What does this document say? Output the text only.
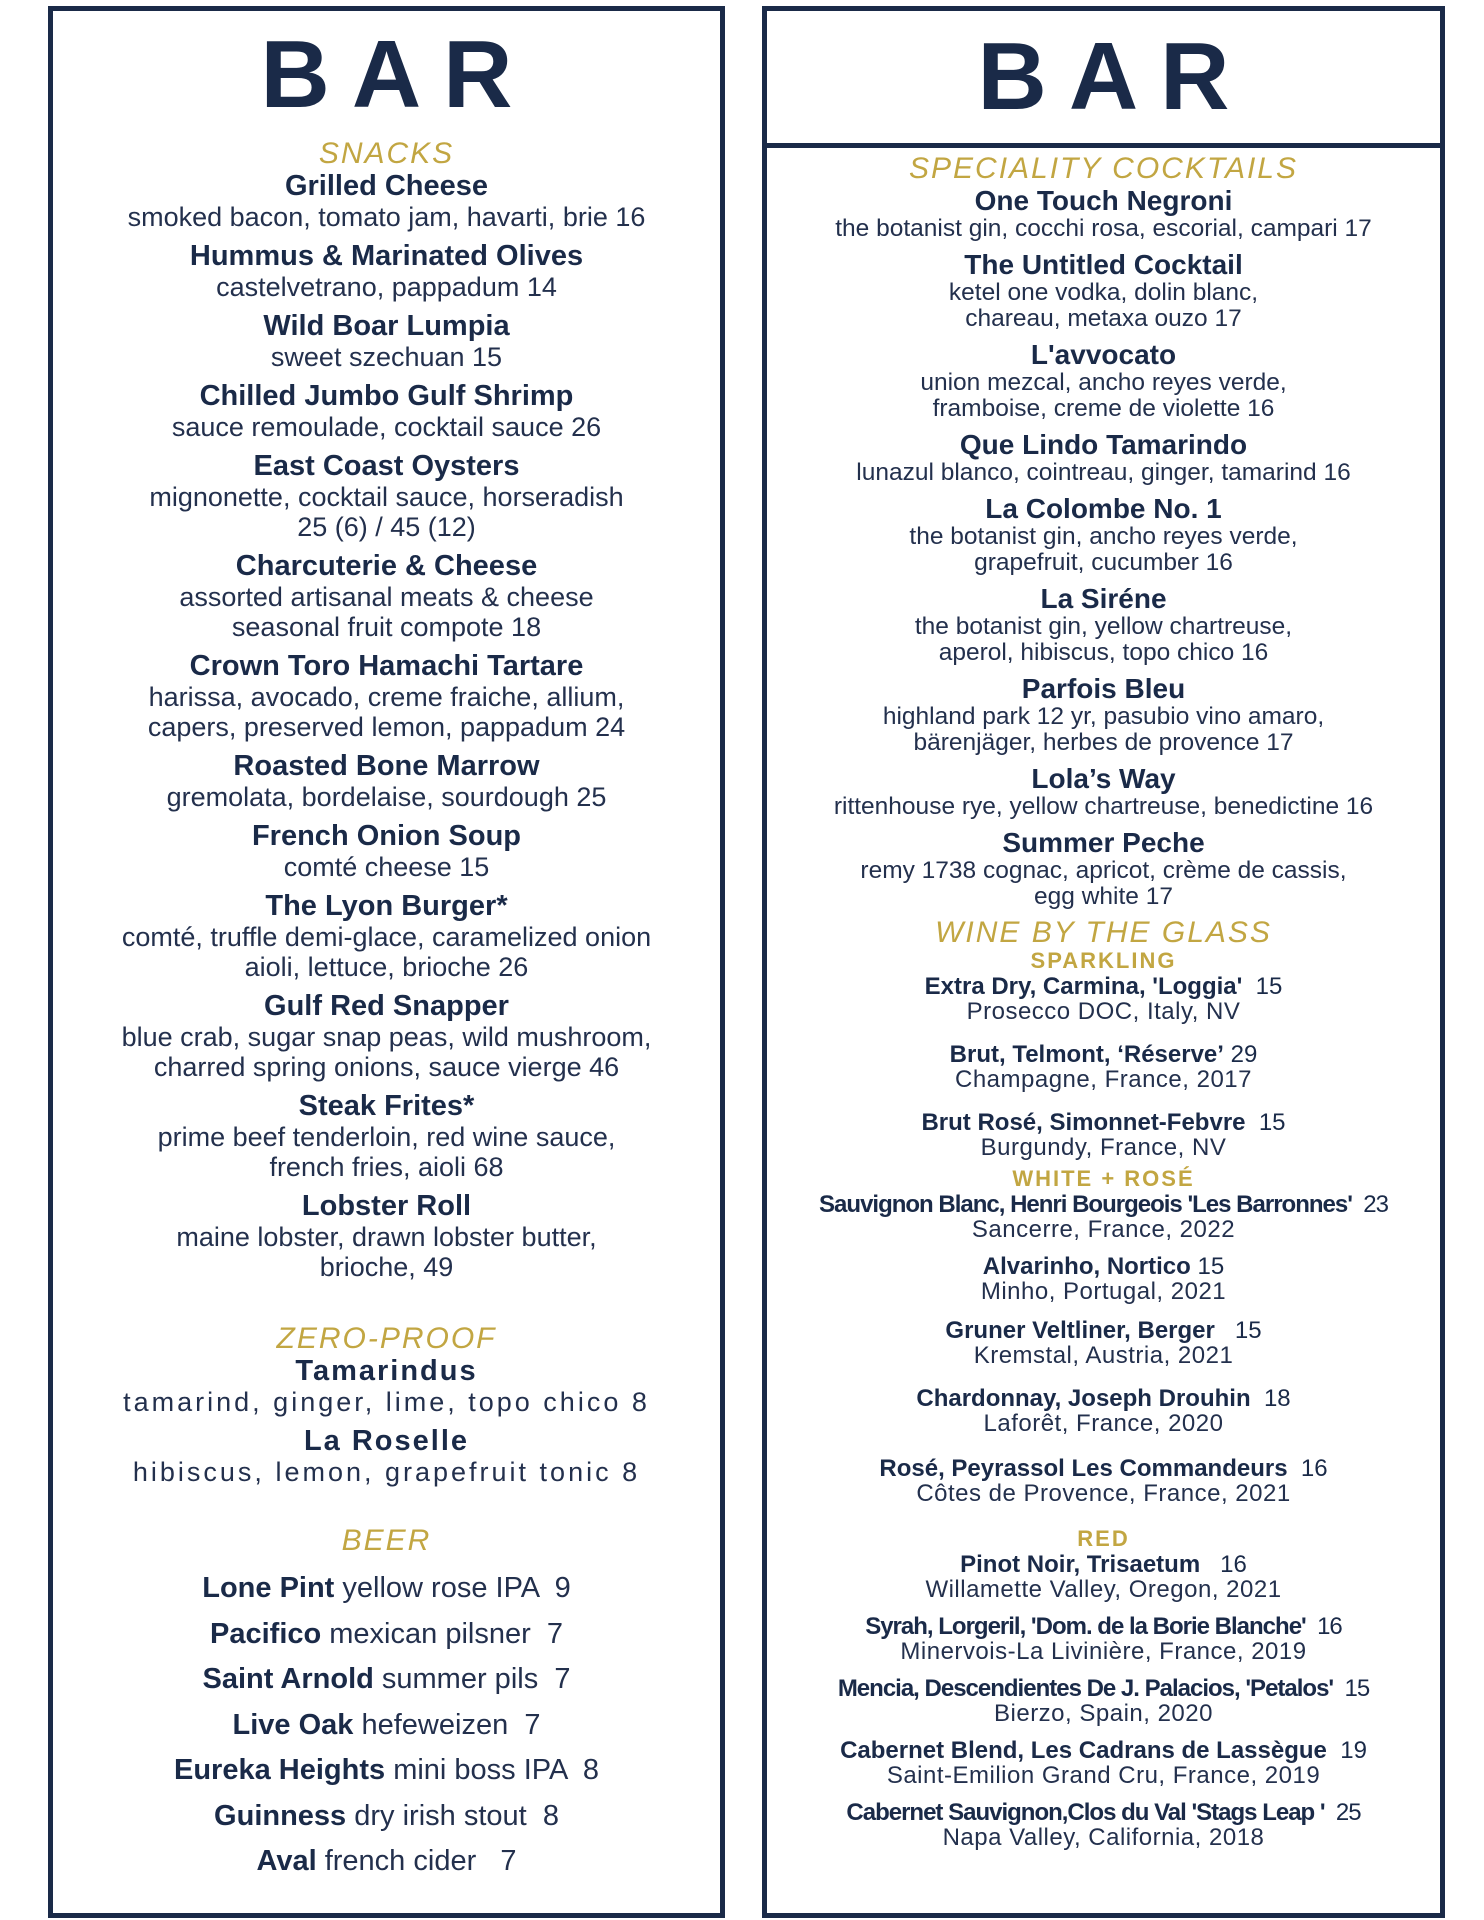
BAR
SNACKS
Grilled Cheese
smoked bacon, tomato jam, havarti, brie 16
Hummus & Marinated Olives
castelvetrano, pappadum 14
Wild Boar Lumpia
sweet szechuan 15
Chilled Jumbo Gulf Shrimp
sauce remoulade, cocktail sauce 26
East Coast Oysters
mignonette, cocktail sauce, horseradish
25 (6) / 45 (12)
Charcuterie & Cheese
assorted artisanal meats & cheese
seasonal fruit compote 18
Crown Toro Hamachi Tartare
harissa, avocado, creme fraiche, allium,
capers, preserved lemon, pappadum 24
Roasted Bone Marrow
gremolata, bordelaise, sourdough 25
French Onion Soup
comté cheese 15
The Lyon Burger*
comté, truffle demi-glace, caramelized onion
aioli, lettuce, brioche 26
Gulf Red Snapper
blue crab, sugar snap peas, wild mushroom,
charred spring onions, sauce vierge 46
Steak Frites*
prime beef tenderloin, red wine sauce,
french fries, aioli 68
Lobster Roll
maine lobster, drawn lobster butter,
brioche, 49
ZERO-PROOF
Tamarindus
tamarind, ginger, lime, topo chico 8
La Roselle
hibiscus, lemon, grapefruit tonic 8
BEER
Lone Pint yellow rose IPA  9
Pacifico mexican pilsner  7
Saint Arnold summer pils  7
Live Oak hefeweizen  7
Eureka Heights mini boss IPA  8
Guinness dry irish stout  8
Aval french cider   7
BAR
SPECIALITY COCKTAILS
One Touch Negroni
the botanist gin, cocchi rosa, escorial, campari 17
The Untitled Cocktail
ketel one vodka, dolin blanc,
chareau, metaxa ouzo 17
L'avvocato
union mezcal, ancho reyes verde,
framboise, creme de violette 16
Que Lindo Tamarindo
lunazul blanco, cointreau, ginger, tamarind 16
La Colombe No. 1
the botanist gin, ancho reyes verde,
grapefruit, cucumber 16
La Siréne
the botanist gin, yellow chartreuse,
aperol, hibiscus, topo chico 16
Parfois Bleu
highland park 12 yr, pasubio vino amaro,
bärenjäger, herbes de provence 17
Lola’s Way
rittenhouse rye, yellow chartreuse, benedictine 16
Summer Peche
remy 1738 cognac, apricot, crème de cassis,
egg white 17
WINE BY THE GLASS
SPARKLING
Extra Dry, Carmina, 'Loggia'  15
Prosecco DOC, Italy, NV
Brut, Telmont, ‘Réserve’ 29
Champagne, France, 2017
Brut Rosé, Simonnet-Febvre  15
Burgundy, France, NV
WHITE + ROSÉ
Sauvignon Blanc, Henri Bourgeois 'Les Barronnes'  23
Sancerre, France, 2022
Alvarinho, Nortico 15
Minho, Portugal, 2021
Gruner Veltliner, Berger   15
Kremstal, Austria, 2021
Chardonnay, Joseph Drouhin  18
Laforêt, France, 2020
Rosé, Peyrassol Les Commandeurs  16
Côtes de Provence, France, 2021
RED
Pinot Noir, Trisaetum   16
Willamette Valley, Oregon, 2021
Syrah, Lorgeril, 'Dom. de la Borie Blanche'  16
Minervois-La Livinière, France, 2019
Mencia, Descendientes De J. Palacios, 'Petalos'  15
Bierzo, Spain, 2020
Cabernet Blend, Les Cadrans de Lassègue  19
Saint-Emilion Grand Cru, France, 2019
Cabernet Sauvignon,Clos du Val 'Stags Leap '  25
Napa Valley, California, 2018
